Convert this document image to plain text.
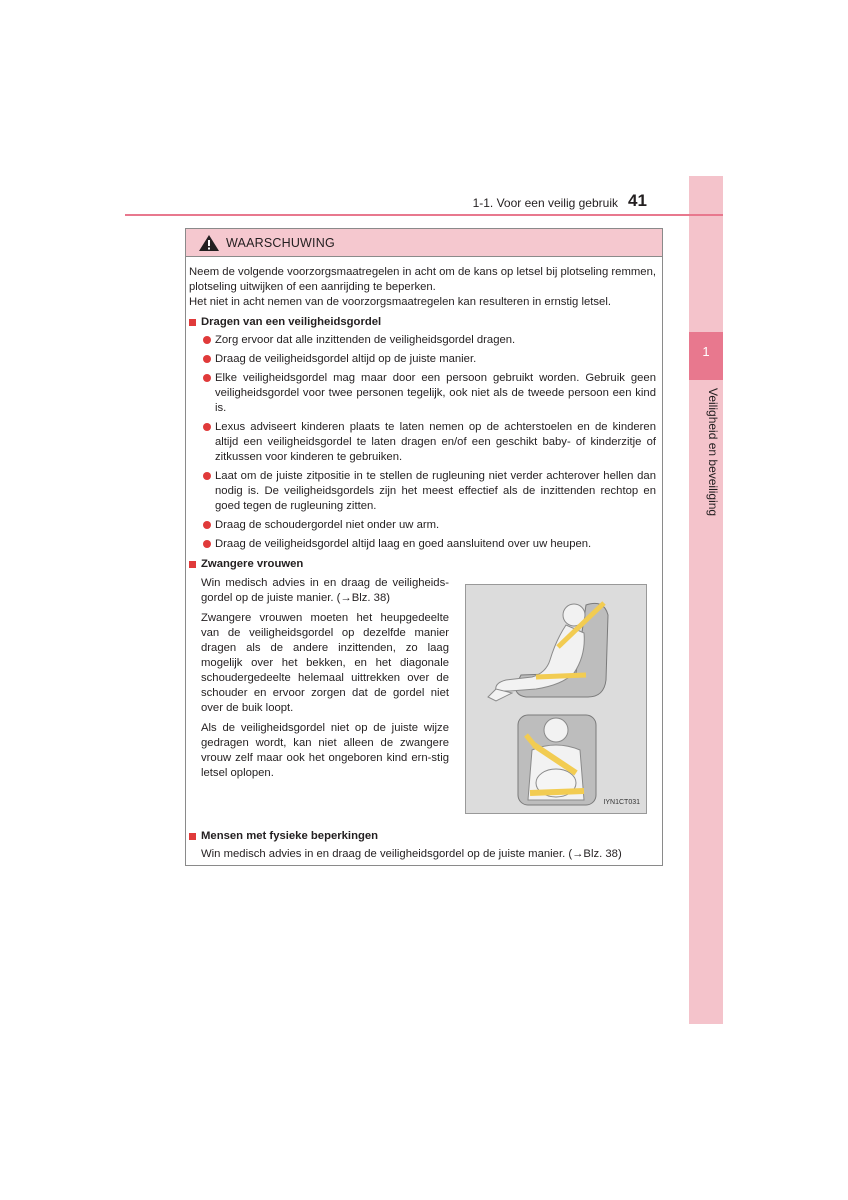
1
Veiligheid en beveiliging
1-1. Voor een veilig gebruik 41
WAARSCHUWING
Neem de volgende voorzorgsmaatregelen in acht om de kans op letsel bij plotseling remmen, plotseling uitwijken of een aanrijding te beperken.
Het niet in acht nemen van de voorzorgsmaatregelen kan resulteren in ernstig letsel.
Dragen van een veiligheidsgordel
Zorg ervoor dat alle inzittenden de veiligheidsgordel dragen.
Draag de veiligheidsgordel altijd op de juiste manier.
Elke veiligheidsgordel mag maar door een persoon gebruikt worden. Gebruik geen veiligheidsgordel voor twee personen tegelijk, ook niet als de tweede persoon een kind is.
Lexus adviseert kinderen plaats te laten nemen op de achterstoelen en de kinderen altijd een veiligheidsgordel te laten dragen en/of een geschikt baby- of kinderzitje of zitkussen voor kinderen te gebruiken.
Laat om de juiste zitpositie in te stellen de rugleuning niet verder achterover hellen dan nodig is. De veiligheidsgordels zijn het meest effectief als de inzittenden rechtop en goed tegen de rugleuning zitten.
Draag de schoudergordel niet onder uw arm.
Draag de veiligheidsgordel altijd laag en goed aansluitend over uw heupen.
Zwangere vrouwen

Win medisch advies in en draag de veiligheids-gordel op de juiste manier. (→Blz. 38)

Zwangere vrouwen moeten het heupgedeelte van de veiligheidsgordel op dezelfde manier dragen als de andere inzittenden, zo laag mogelijk over het bekken, en het diagonale schoudergedeelte helemaal uittrekken over de schouder en ervoor zorgen dat de gordel niet over de buik loopt.

Als de veiligheidsgordel niet op de juiste wijze gedragen wordt, kan niet alleen de zwangere vrouw zelf maar ook het ongeboren kind ern-stig letsel oplopen.

IYN1CT031
Mensen met fysieke beperkingen
Win medisch advies in en draag de veiligheidsgordel op de juiste manier. (→Blz. 38)
